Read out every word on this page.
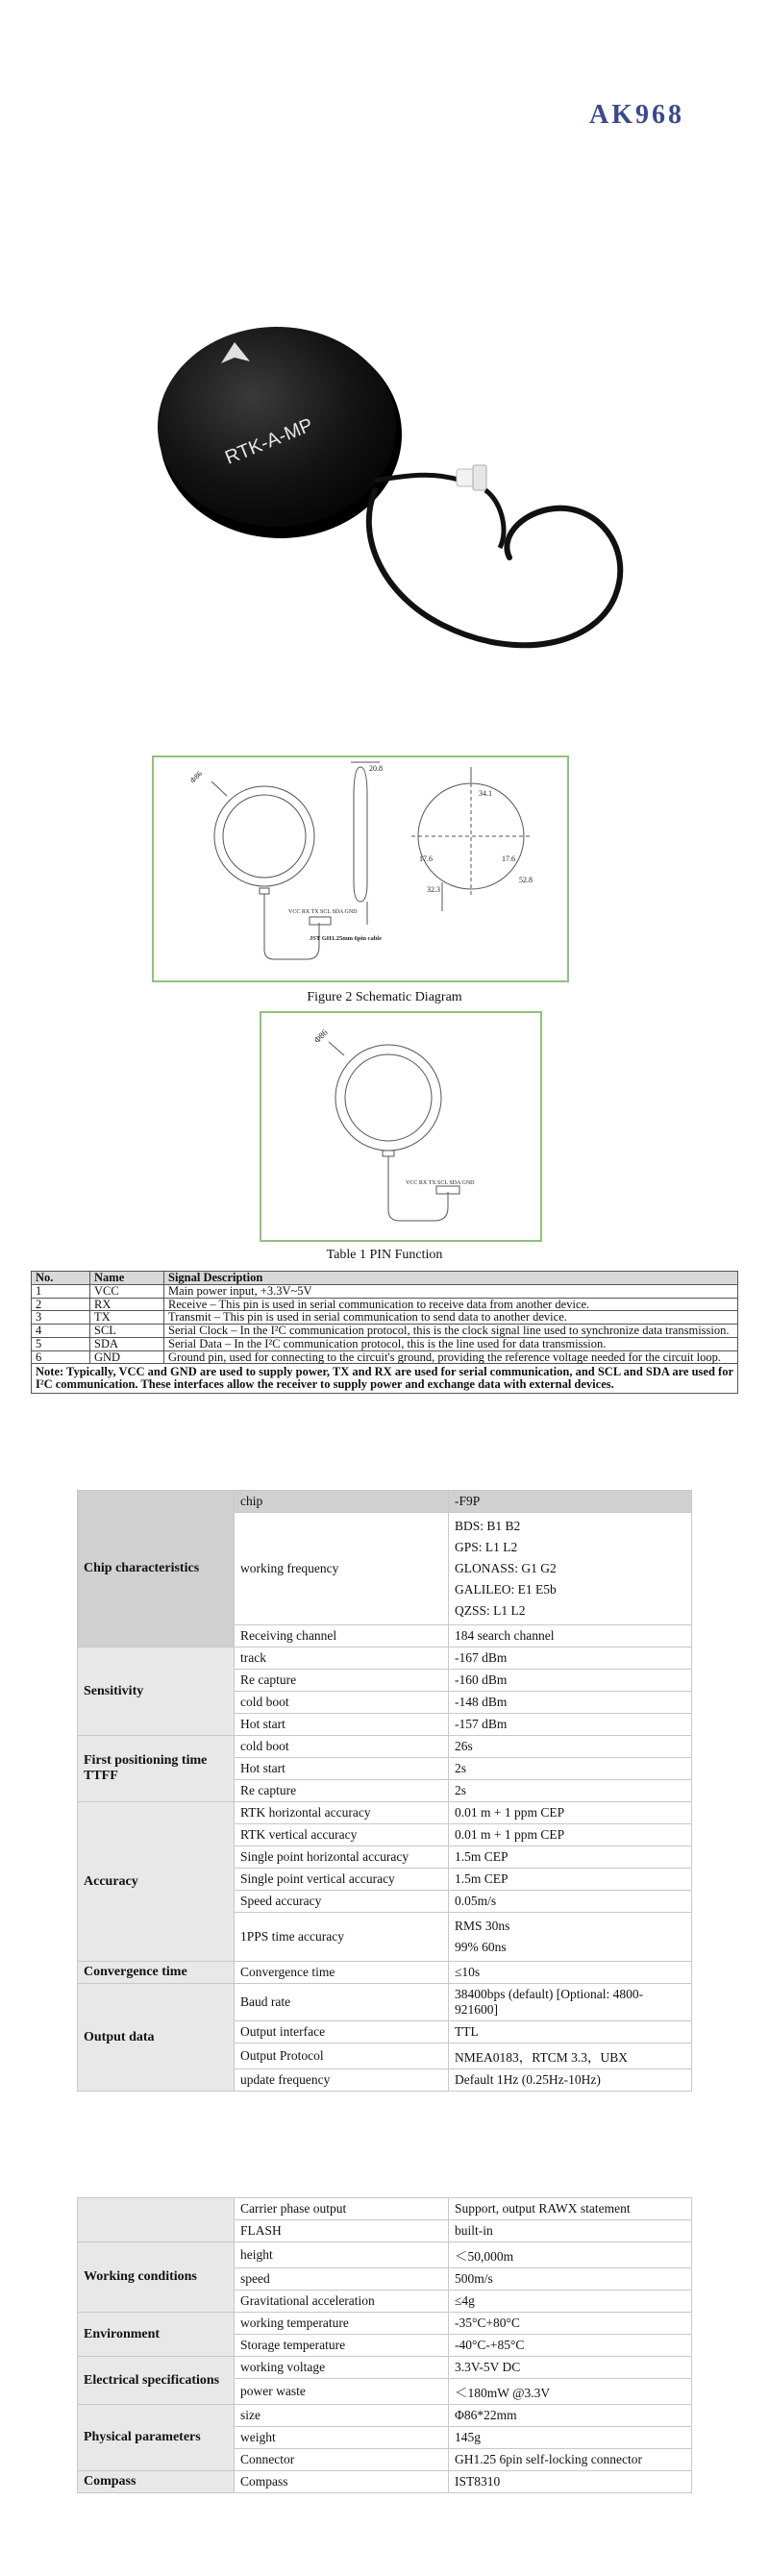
AK968
RTK-A-MP
Φ86
20.8
34.1
17.6	17.6
52.8
32.3
VCC RX TX SCL SDA GND
JST GH1.25mm 6pin cable
Figure 2 Schematic Diagram
Φ86
VCC RX TX SCL SDA GND
Table 1 PIN Function
No.	Name	Signal Description
1	VCC	Main power input, +3.3V~5V
2	RX	Receive – This pin is used in serial communication to receive data from another device.
3	TX	Transmit – This pin is used in serial communication to send data to another device.
4	SCL	Serial Clock – In the I²C communication protocol, this is the clock signal line used to synchronize data transmission.
5	SDA	Serial Data – In the I²C communication protocol, this is the line used for data transmission.
6	GND	Ground pin, used for connecting to the circuit's ground, providing the reference voltage needed for the circuit loop.
Note: Typically, VCC and GND are used to supply power, TX and RX are used for serial communication, and SCL and SDA are used for I²C communication. These interfaces allow the receiver to supply power and exchange data with external devices.		
Chip characteristics	chip	-F9P
	working frequency	BDS: B1 B2
GPS: L1 L2
GLONASS: G1 G2
GALILEO: E1 E5b
QZSS: L1 L2

	Receiving channel	184 search channel
Sensitivity	track	-167 dBm
	Re capture	-160 dBm
	cold boot	-148 dBm
	Hot start	-157 dBm
First positioning time TTFF	cold boot	26s
	Hot start	2s
	Re capture	2s
Accuracy	RTK horizontal accuracy	0.01 m + 1 ppm CEP
	RTK vertical accuracy	0.01 m + 1 ppm CEP
	Single point horizontal accuracy	1.5m CEP
	Single point vertical accuracy	1.5m CEP
	Speed accuracy	0.05m/s
	1PPS time accuracy	RMS 30ns
99% 60ns

Convergence time	Convergence time	≤10s
Output data	Baud rate	38400bps (default) [Optional: 4800-921600]
	Output interface	TTL
	Output Protocol	NMEA0183，RTCM 3.3，UBX
	update frequency	Default 1Hz (0.25Hz-10Hz)
	Carrier phase output	Support, output RAWX statement
	FLASH	built-in
Working conditions	height	＜50,000m
	speed	500m/s
	Gravitational acceleration	≤4g
Environment	working temperature	-35°C+80°C
	Storage temperature	-40°C-+85°C
Electrical specifications	working voltage	3.3V-5V DC
	power waste	＜180mW @3.3V
Physical parameters	size	Φ86*22mm
	weight	145g
	Connector	GH1.25 6pin self-locking connector
Compass	Compass	IST8310
